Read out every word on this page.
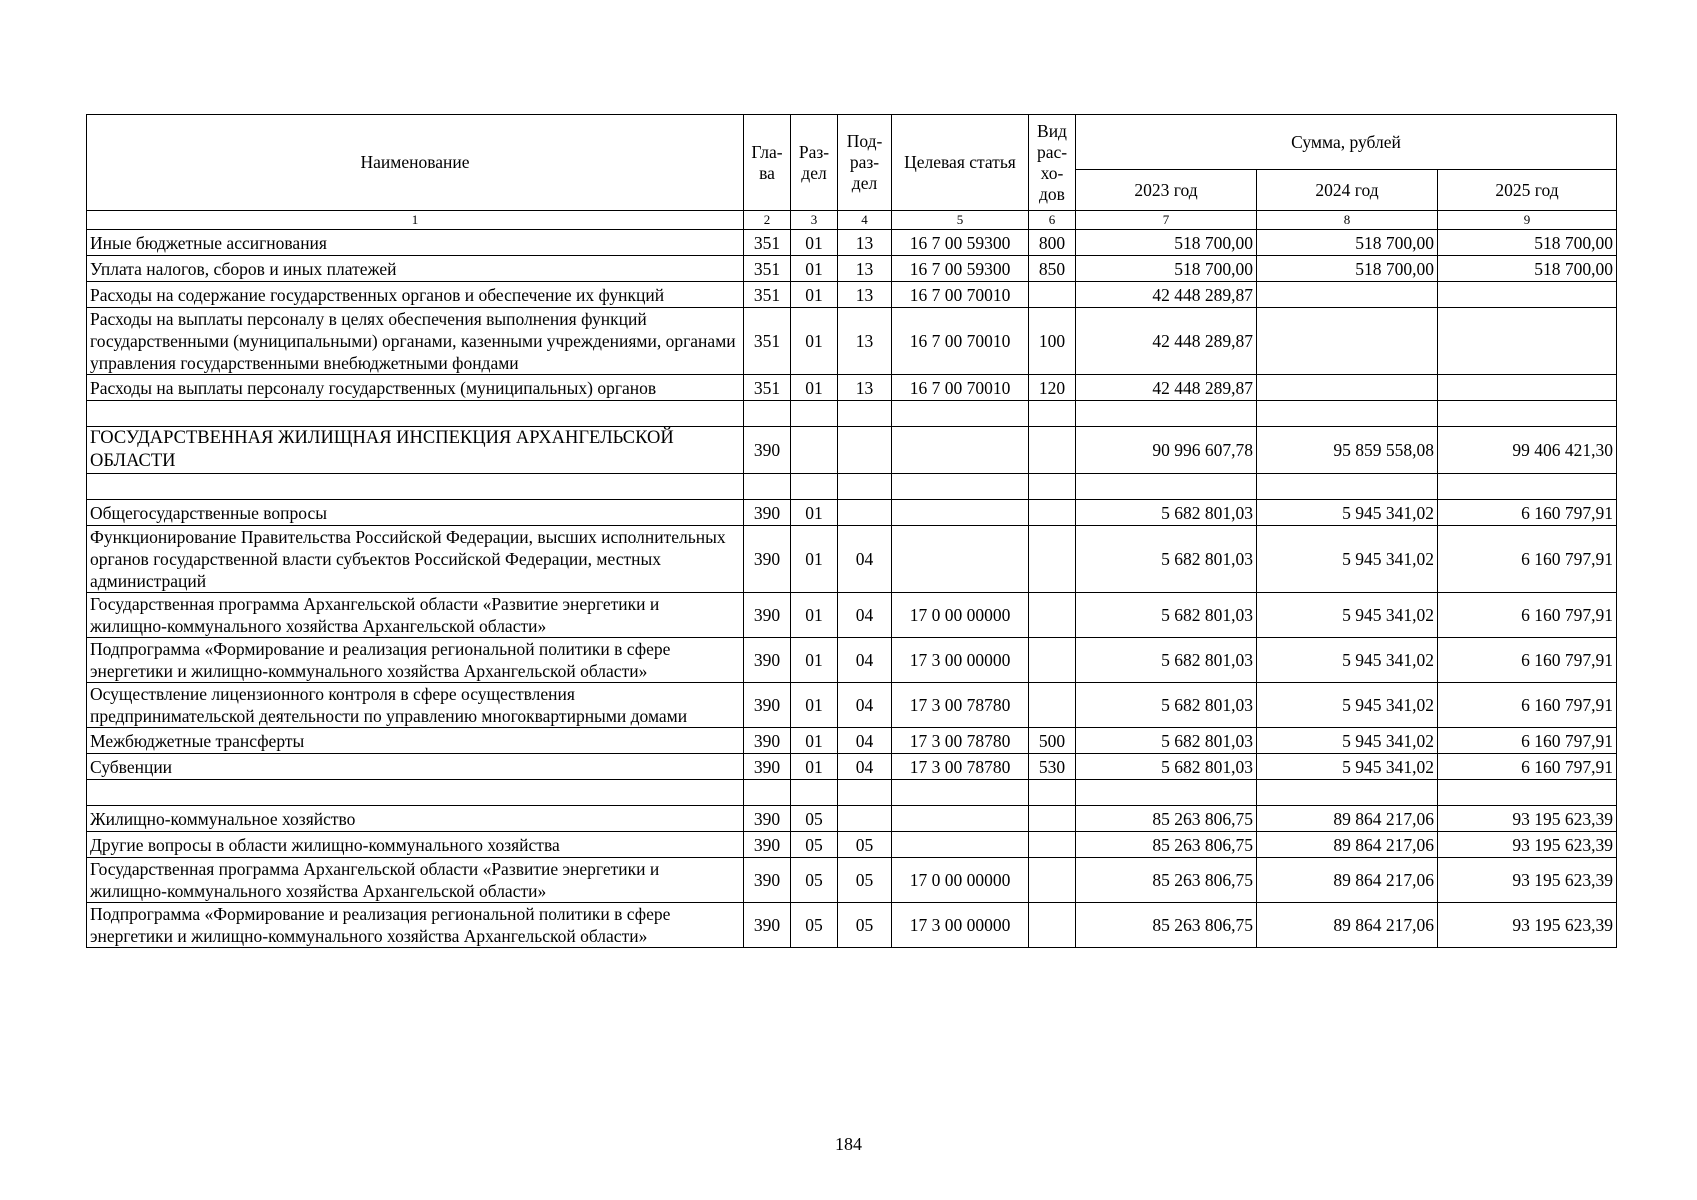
Наименование	Гла-ва	Раз-дел	Под-раз-дел	Целевая статья	Вид рас-хо-дов	Сумма, рублей		
						2023 год	2024 год	2025 год
1	2	3	4	5	6	7	8	9
Иные бюджетные ассигнования	351	01	13	16 7 00 59300	800	518 700,00	518 700,00	518 700,00
Уплата налогов, сборов и иных платежей	351	01	13	16 7 00 59300	850	518 700,00	518 700,00	518 700,00
Расходы на содержание государственных органов и обеспечение их функций	351	01	13	16 7 00 70010		42 448 289,87		
Расходы на выплаты персоналу в целях обеспечения выполнения функций государственными (муниципальными) органами, казенными учреждениями, органами управления государственными внебюджетными фондами	351	01	13	16 7 00 70010	100	42 448 289,87		
Расходы на выплаты персоналу государственных (муниципальных) органов	351	01	13	16 7 00 70010	120	42 448 289,87		

ГОСУДАРСТВЕННАЯ ЖИЛИЩНАЯ ИНСПЕКЦИЯ АРХАНГЕЛЬСКОЙ ОБЛАСТИ	390					90 996 607,78	95 859 558,08	99 406 421,30

Общегосударственные вопросы	390	01				5 682 801,03	5 945 341,02	6 160 797,91
Функционирование Правительства Российской Федерации, высших исполнительных органов государственной власти субъектов Российской Федерации, местных администраций	390	01	04			5 682 801,03	5 945 341,02	6 160 797,91
Государственная программа Архангельской области «Развитие энергетики и жилищно-коммунального хозяйства Архангельской области»	390	01	04	17 0 00 00000		5 682 801,03	5 945 341,02	6 160 797,91
Подпрограмма «Формирование и реализация региональной политики в сфере энергетики и жилищно-коммунального хозяйства Архангельской области»	390	01	04	17 3 00 00000		5 682 801,03	5 945 341,02	6 160 797,91
Осуществление лицензионного контроля в сфере осуществления предпринимательской деятельности по управлению многоквартирными домами	390	01	04	17 3 00 78780		5 682 801,03	5 945 341,02	6 160 797,91
Межбюджетные трансферты	390	01	04	17 3 00 78780	500	5 682 801,03	5 945 341,02	6 160 797,91
Субвенции	390	01	04	17 3 00 78780	530	5 682 801,03	5 945 341,02	6 160 797,91

Жилищно-коммунальное хозяйство	390	05				85 263 806,75	89 864 217,06	93 195 623,39
Другие вопросы в области жилищно-коммунального хозяйства	390	05	05			85 263 806,75	89 864 217,06	93 195 623,39
Государственная программа Архангельской области «Развитие энергетики и жилищно-коммунального хозяйства Архангельской области»	390	05	05	17 0 00 00000		85 263 806,75	89 864 217,06	93 195 623,39
Подпрограмма «Формирование и реализация региональной политики в сфере энергетики и жилищно-коммунального хозяйства Архангельской области»	390	05	05	17 3 00 00000		85 263 806,75	89 864 217,06	93 195 623,39
184
